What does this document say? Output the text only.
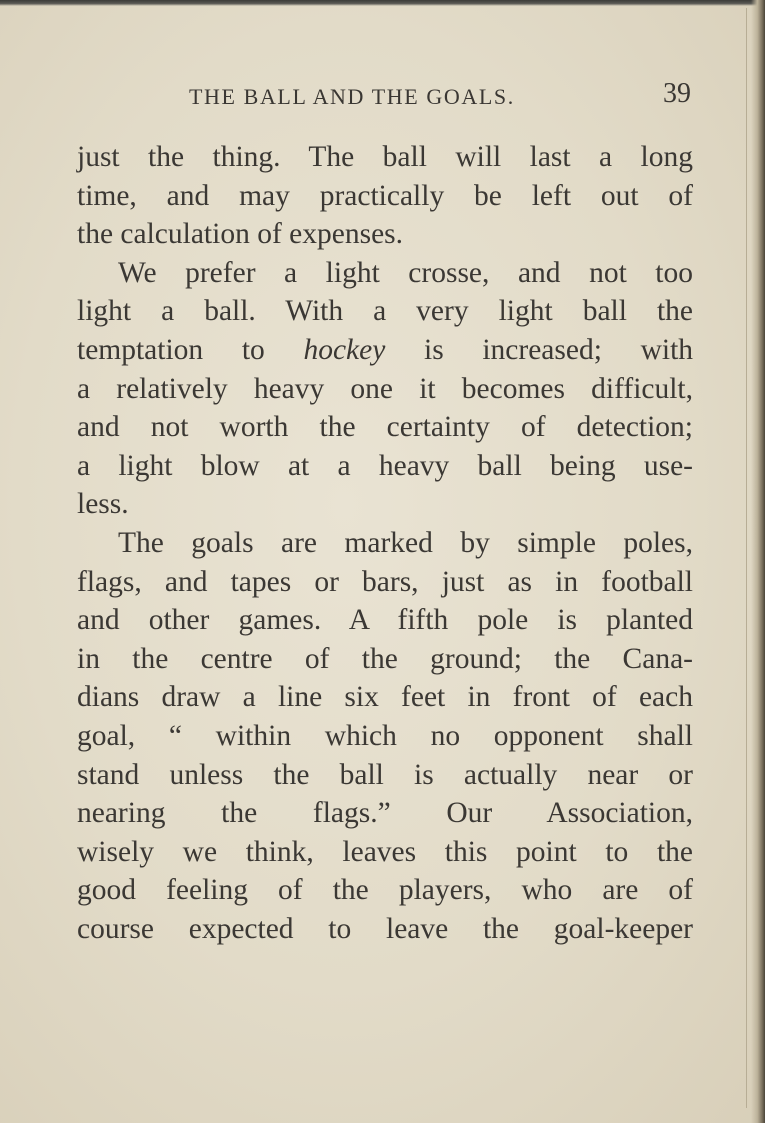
THE BALL AND THE GOALS.	39
just the thing. The ball will last a long
time, and may practically be left out of
the calculation of expenses.
We prefer a light crosse, and not too
light a ball. With a very light ball the
temptation to hockey is increased; with
a relatively heavy one it becomes difficult,
and not worth the certainty of detection;
a light blow at a heavy ball being use-
less.
The goals are marked by simple poles,
flags, and tapes or bars, just as in football
and other games. A fifth pole is planted
in the centre of the ground; the Cana-
dians draw a line six feet in front of each
goal, “ within which no opponent shall
stand unless the ball is actually near or
nearing the flags.” Our Association,
wisely we think, leaves this point to the
good feeling of the players, who are of
course expected to leave the goal-keeper
